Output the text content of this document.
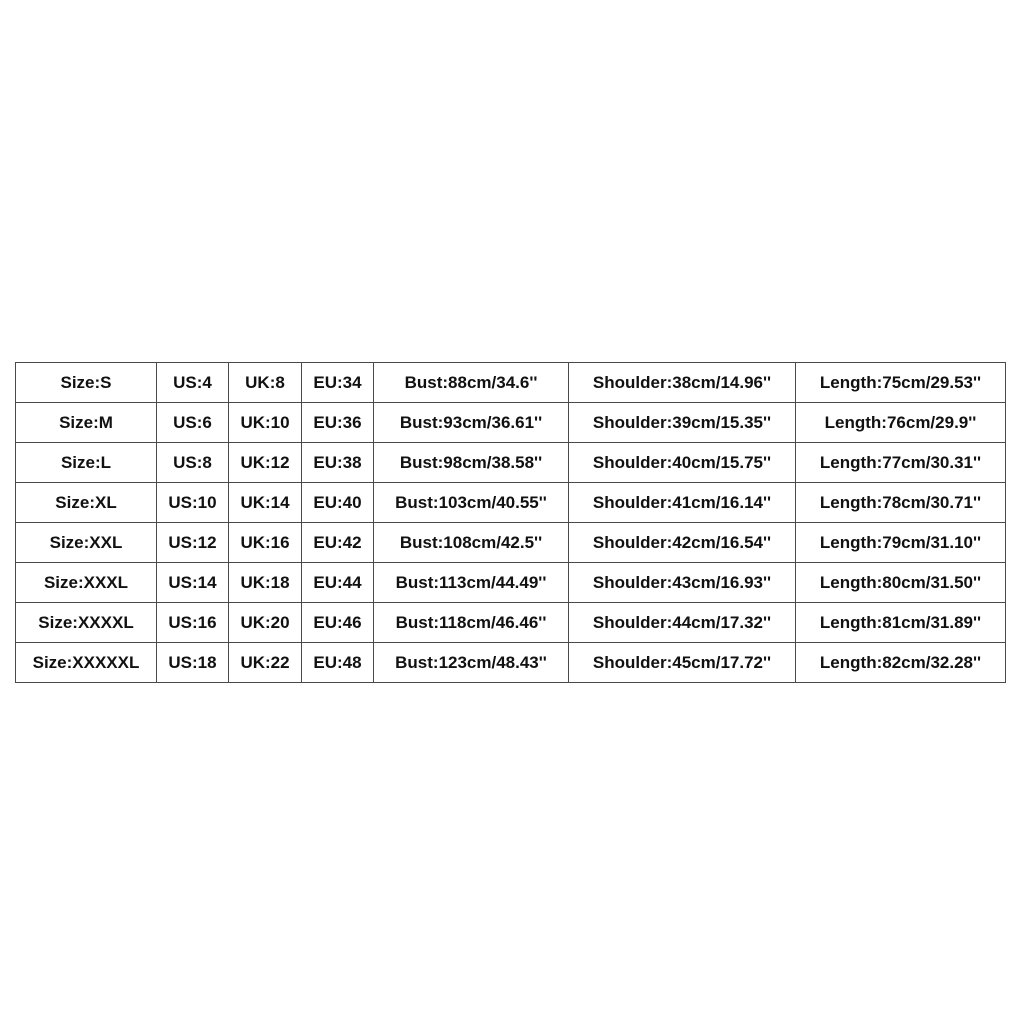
Size:S	US:4	UK:8	EU:34	Bust:88cm/34.6''	Shoulder:38cm/14.96''	Length:75cm/29.53''
Size:M	US:6	UK:10	EU:36	Bust:93cm/36.61''	Shoulder:39cm/15.35''	Length:76cm/29.9''
Size:L	US:8	UK:12	EU:38	Bust:98cm/38.58''	Shoulder:40cm/15.75''	Length:77cm/30.31''
Size:XL	US:10	UK:14	EU:40	Bust:103cm/40.55''	Shoulder:41cm/16.14''	Length:78cm/30.71''
Size:XXL	US:12	UK:16	EU:42	Bust:108cm/42.5''	Shoulder:42cm/16.54''	Length:79cm/31.10''
Size:XXXL	US:14	UK:18	EU:44	Bust:113cm/44.49''	Shoulder:43cm/16.93''	Length:80cm/31.50''
Size:XXXXL	US:16	UK:20	EU:46	Bust:118cm/46.46''	Shoulder:44cm/17.32''	Length:81cm/31.89''
Size:XXXXXL	US:18	UK:22	EU:48	Bust:123cm/48.43''	Shoulder:45cm/17.72''	Length:82cm/32.28''
